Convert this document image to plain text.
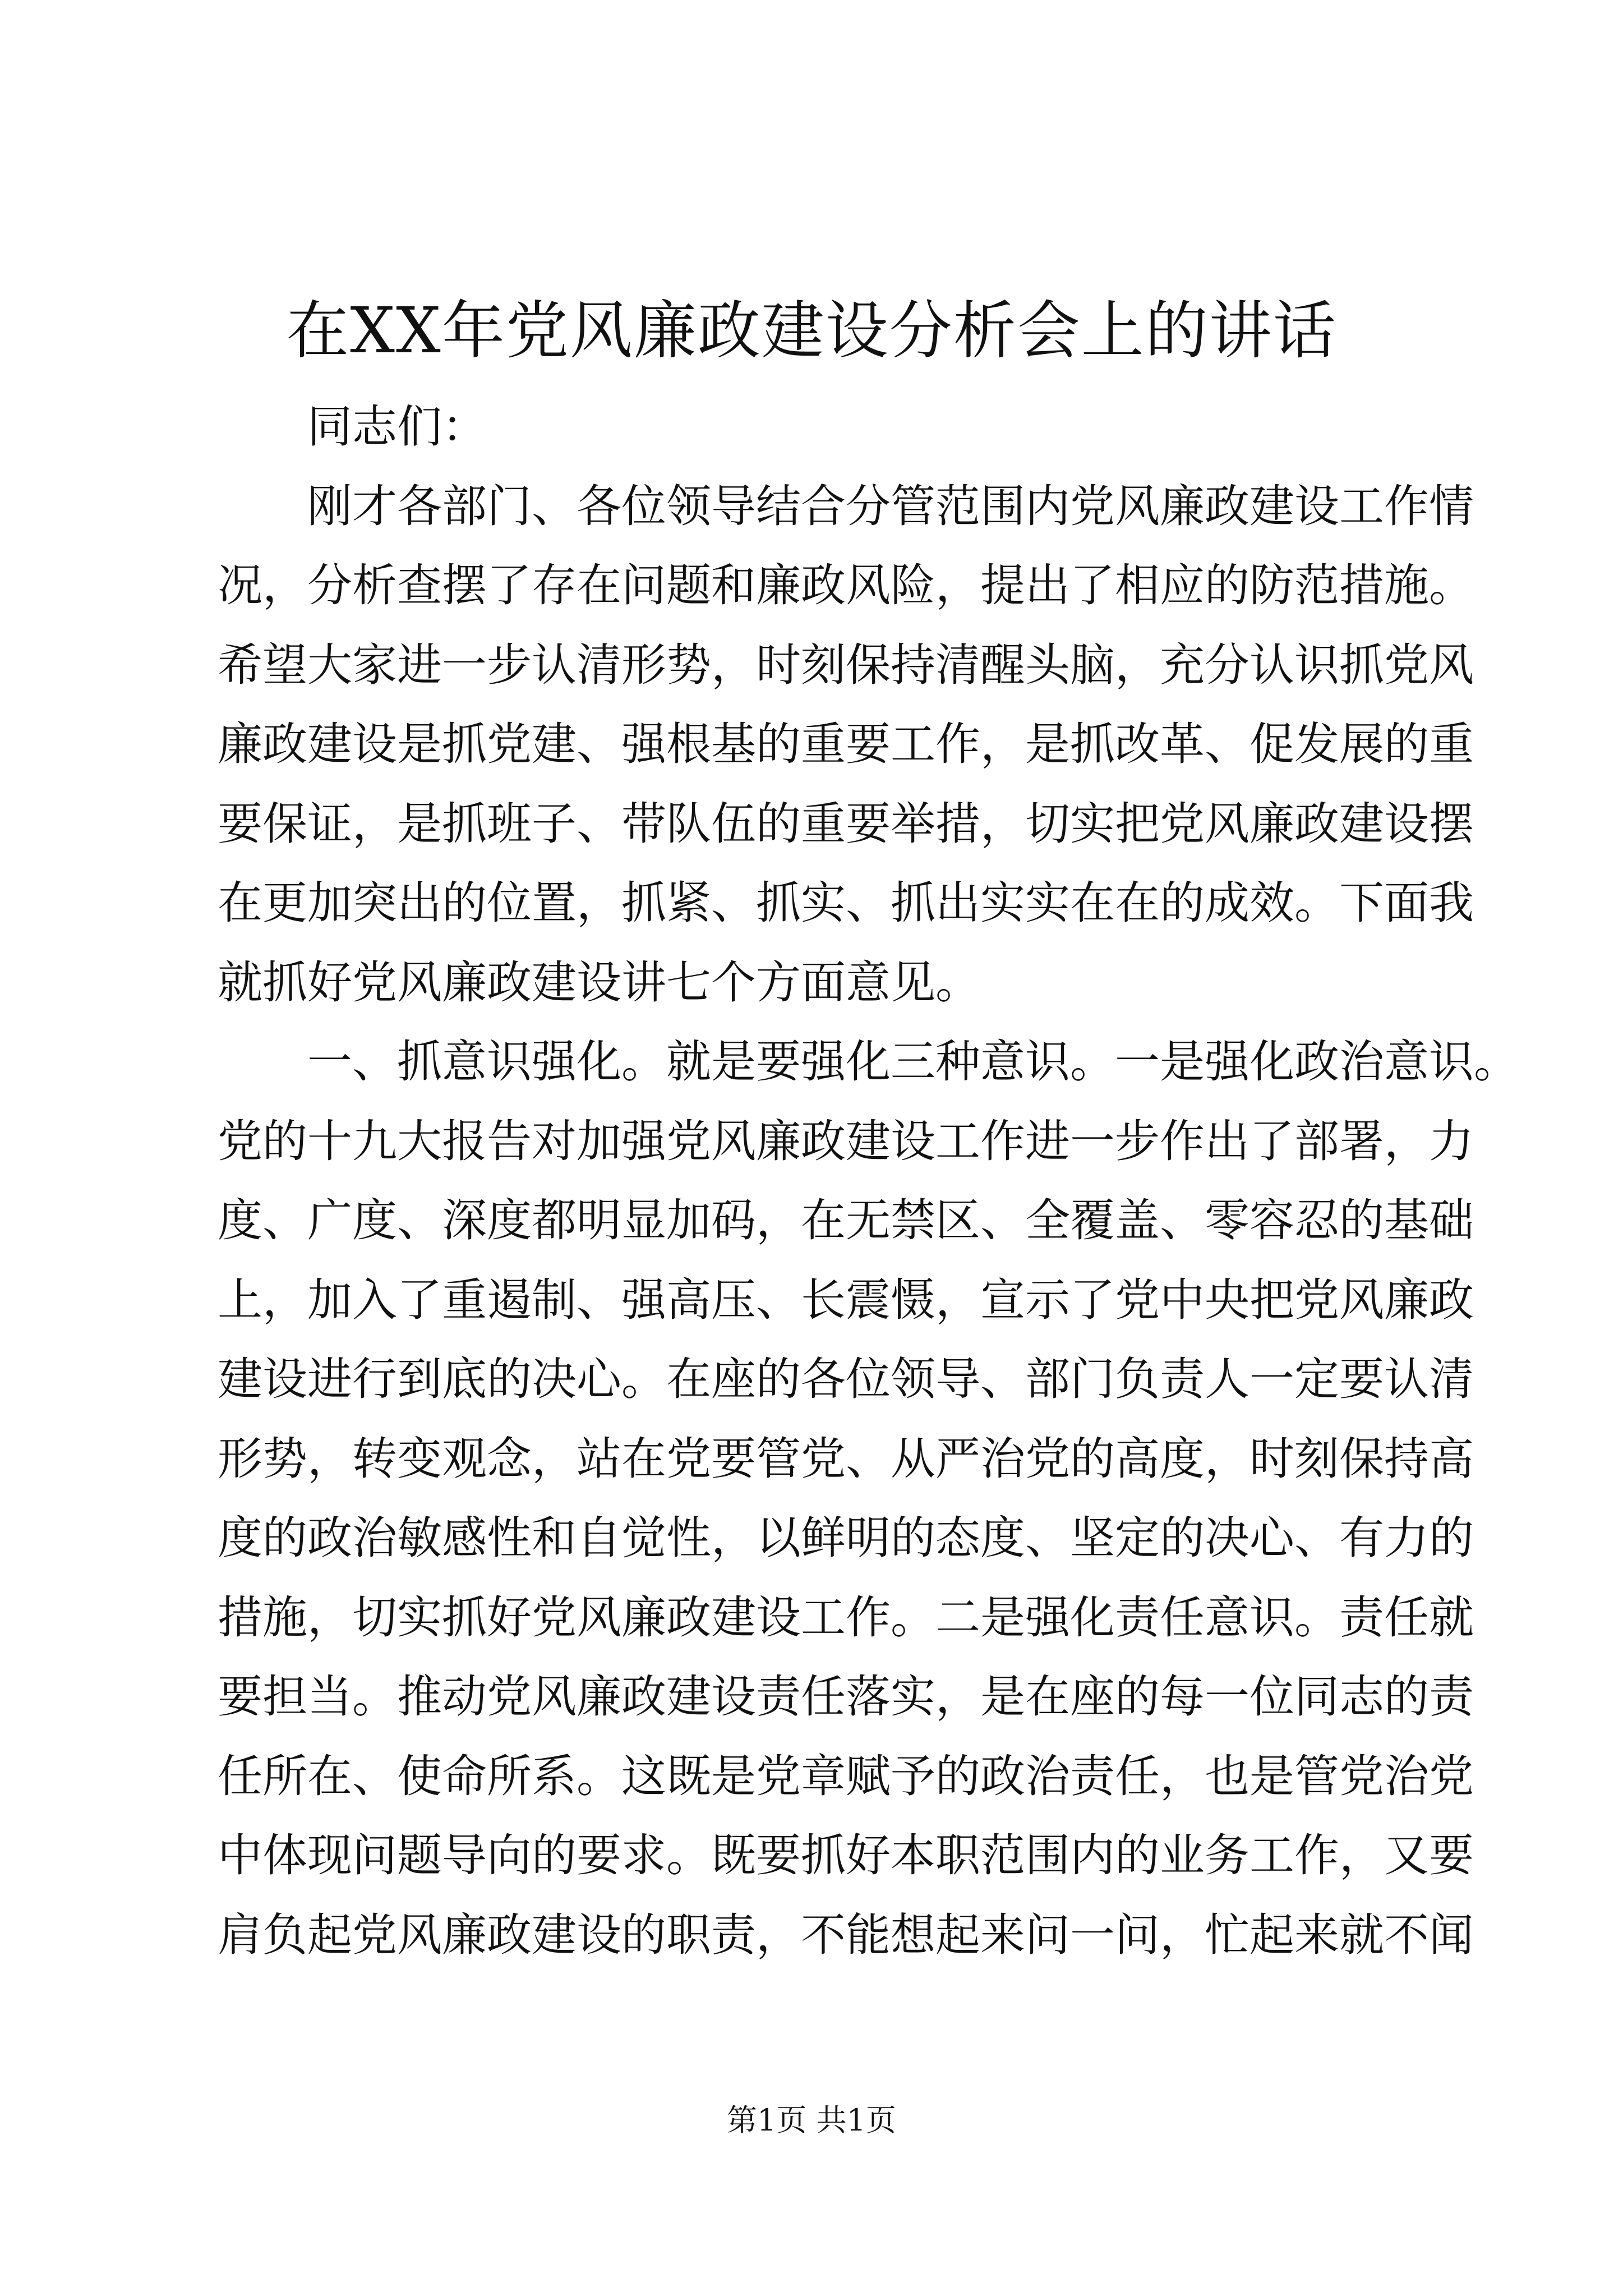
在XX年党风廉政建设分析会上的讲话
同志们：
刚才各部门、各位领导结合分管范围内党风廉政建设工作情
况，分析查摆了存在问题和廉政风险，提出了相应的防范措施。
希望大家进一步认清形势，时刻保持清醒头脑，充分认识抓党风
廉政建设是抓党建、强根基的重要工作，是抓改革、促发展的重
要保证，是抓班子、带队伍的重要举措，切实把党风廉政建设摆
在更加突出的位置，抓紧、抓实、抓出实实在在的成效。下面我
就抓好党风廉政建设讲七个方面意见。
一、抓意识强化。就是要强化三种意识。一是强化政治意识。
党的十九大报告对加强党风廉政建设工作进一步作出了部署，力
度、广度、深度都明显加码，在无禁区、全覆盖、零容忍的基础
上，加入了重遏制、强高压、长震慑，宣示了党中央把党风廉政
建设进行到底的决心。在座的各位领导、部门负责人一定要认清
形势，转变观念，站在党要管党、从严治党的高度，时刻保持高
度的政治敏感性和自觉性，以鲜明的态度、坚定的决心、有力的
措施，切实抓好党风廉政建设工作。二是强化责任意识。责任就
要担当。推动党风廉政建设责任落实，是在座的每一位同志的责
任所在、使命所系。这既是党章赋予的政治责任，也是管党治党
中体现问题导向的要求。既要抓好本职范围内的业务工作，又要
肩负起党风廉政建设的职责，不能想起来问一问，忙起来就不闻
第1页 共1页
